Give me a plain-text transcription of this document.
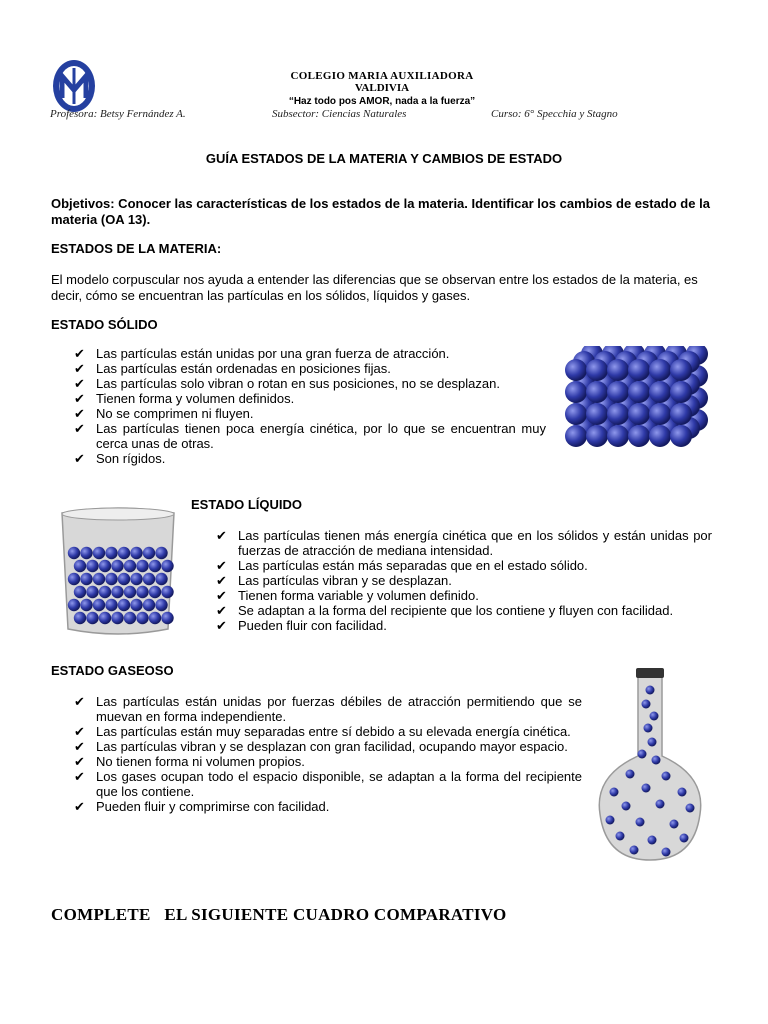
COLEGIO MARIA AUXILIADORA
VALDIVIA
“Haz todo pos AMOR, nada a la fuerza”
Profesora: Betsy Fernández A.	Subsector: Ciencias Naturales	Curso: 6° Specchia y Stagno
GUÍA ESTADOS DE LA MATERIA Y CAMBIOS DE ESTADO
Objetivos: Conocer las características de los estados de la materia. Identificar los cambios de estado de la materia (OA 13).
ESTADOS DE LA MATERIA:
El modelo corpuscular nos ayuda a entender las diferencias que se observan entre los estados de la materia, es decir, cómo se encuentran las partículas en los sólidos, líquidos y gases.
ESTADO SÓLIDO
✔ Las partículas están unidas por una gran fuerza de atracción.
✔ Las partículas están ordenadas en posiciones fijas.
✔ Las partículas solo vibran o rotan en sus posiciones, no se desplazan.
✔ Tienen forma y volumen definidos.
✔ No se comprimen ni fluyen.
✔ Las partículas tienen poca energía cinética, por lo que se encuentran muy cerca unas de otras.
✔ Son rígidos.
ESTADO LÍQUIDO
✔ Las partículas tienen más energía cinética que en los sólidos y están unidas por fuerzas de atracción de mediana intensidad.
✔ Las partículas están más separadas que en el estado sólido.
✔ Las partículas vibran y se desplazan.
✔ Tienen forma variable y volumen definido.
✔ Se adaptan a la forma del recipiente que los contiene y fluyen con facilidad.
✔ Pueden fluir con facilidad.
ESTADO GASEOSO
✔ Las partículas están unidas por fuerzas débiles de atracción permitiendo que se muevan en forma independiente.
✔ Las partículas están muy separadas entre sí debido a su elevada energía cinética.
✔ Las partículas vibran y se desplazan con gran facilidad, ocupando mayor espacio.
✔ No tienen forma ni volumen propios.
✔ Los gases ocupan todo el espacio disponible, se adaptan a la forma del recipiente que los contiene.
✔ Pueden fluir y comprimirse con facilidad.
COMPLETE   EL SIGUIENTE CUADRO COMPARATIVO
